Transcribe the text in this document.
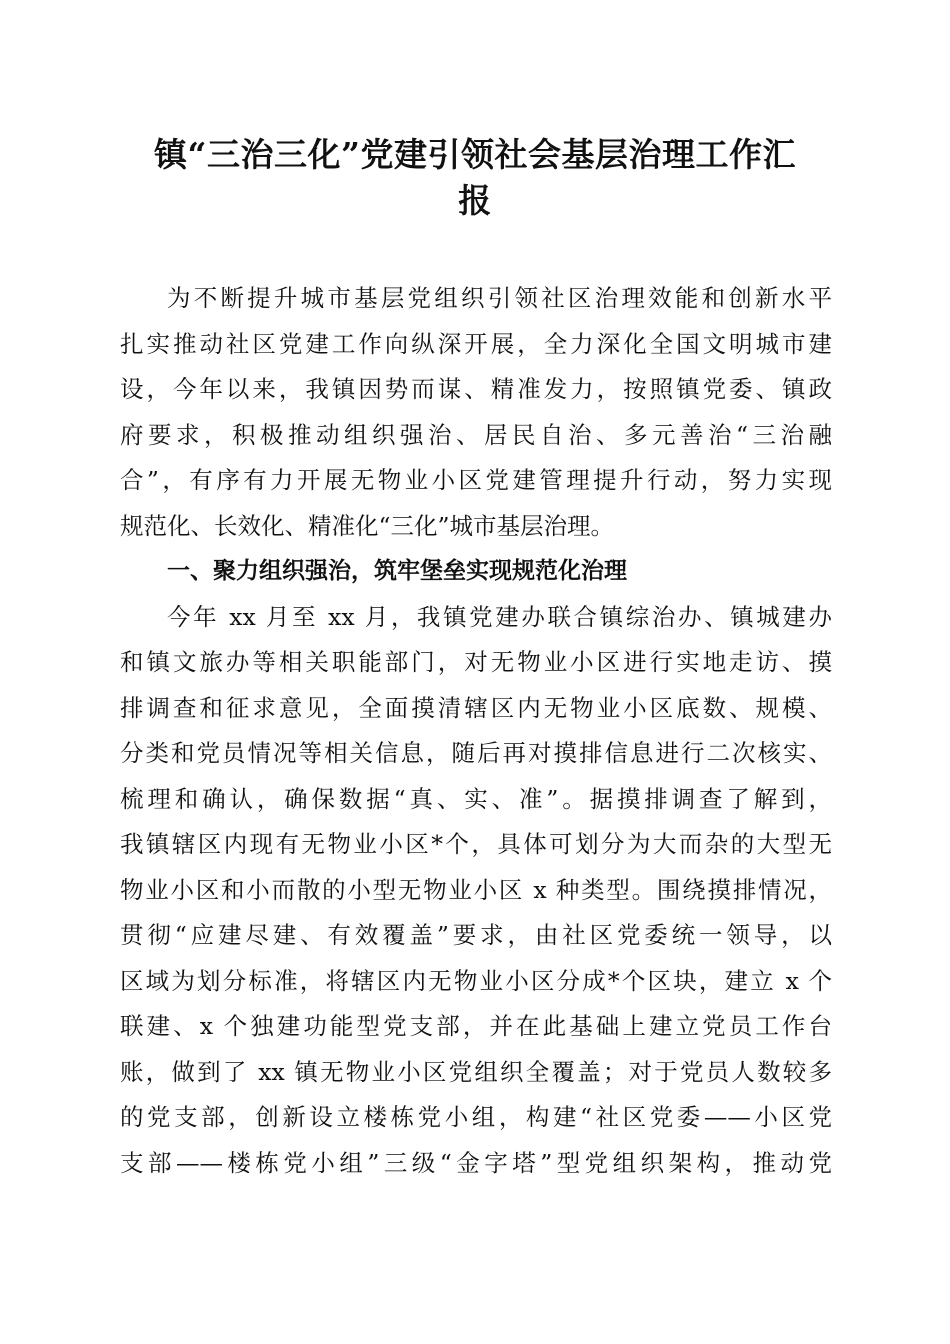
镇“三治三化”党建引领社会基层治理工作汇
报
为不断提升城市基层党组织引领社区治理效能和创新水平
扎实推动社区党建工作向纵深开展，全力深化全国文明城市建
设，今年以来，我镇因势而谋、精准发力，按照镇党委、镇政
府要求，积极推动组织强治、居民自治、多元善治“三治融
合”，有序有力开展无物业小区党建管理提升行动，努力实现
规范化、长效化、精准化“三化”城市基层治理。
一、聚力组织强治，筑牢堡垒实现规范化治理
今年 xx 月至 xx 月，我镇党建办联合镇综治办、镇城建办
和镇文旅办等相关职能部门，对无物业小区进行实地走访、摸
排调查和征求意见，全面摸清辖区内无物业小区底数、规模、
分类和党员情况等相关信息，随后再对摸排信息进行二次核实、
梳理和确认，确保数据“真、实、准”。据摸排调查了解到，
我镇辖区内现有无物业小区*个，具体可划分为大而杂的大型无
物业小区和小而散的小型无物业小区 x 种类型。围绕摸排情况，
贯彻“应建尽建、有效覆盖”要求，由社区党委统一领导，以
区域为划分标准，将辖区内无物业小区分成*个区块，建立 x 个
联建、x 个独建功能型党支部，并在此基础上建立党员工作台
账，做到了 xx 镇无物业小区党组织全覆盖；对于党员人数较多
的党支部，创新设立楼栋党小组，构建“社区党委——小区党
支部——楼栋党小组”三级“金字塔”型党组织架构，推动党
